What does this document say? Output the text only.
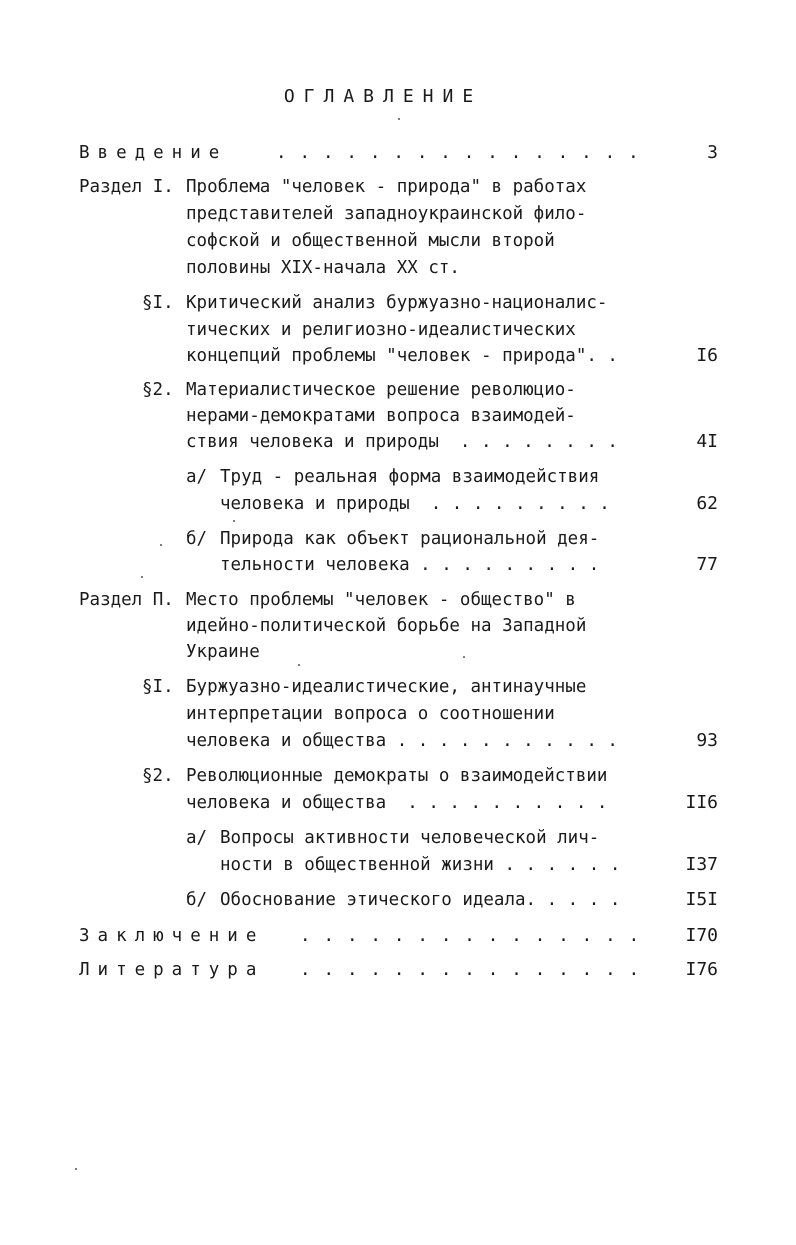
ОГЛАВЛЕНИЕ
Введение	. . . . . . . . . . . . . . . .	3
Раздел I. Проблема "человек - природа" в работах
представителей западноукраинской фило-
софской и общественной мысли второй
половины XIX-начала XX ст.
§I. Критический анализ буржуазно-националис-
тических и религиозно-идеалистических
концепций проблемы "человек - природа". .	I6
§2. Материалистическое решение революцио-
нерами-демократами вопроса взаимодей-
ствия человека и природы  . . . . . . . .	4I
а/ Труд - реальная форма взаимодействия
человека и природы  . . . . . . . . .	62
б/ Природа как объект рациональной дея-
тельности человека . . . . . . . . .	77
Раздел П. Место проблемы "человек - общество" в
идейно-политической борьбе на Западной
Украине
§I. Буржуазно-идеалистические, антинаучные
интерпретации вопроса о соотношении
человека и общества . . . . . . . . . . .	93
§2. Революционные демократы о взаимодействии
человека и общества  . . . . . . . . . .	II6
а/ Вопросы активности человеческой лич-
ности в общественной жизни . . . . . .	I37
б/ Обоснование этического идеала. . . . .	I5I
Заключение . . . . . . . . . . . . . . .	I70
Литература . . . . . . . . . . . . . . .	I76
